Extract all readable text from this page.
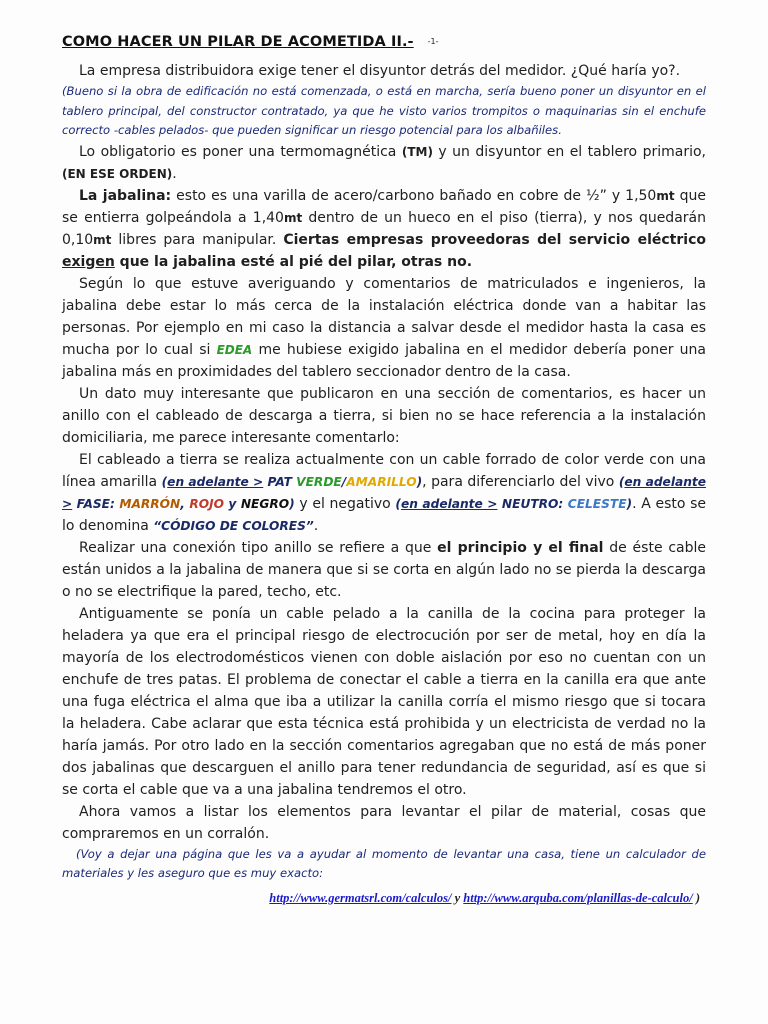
COMO HACER UN PILAR DE ACOMETIDA II.- -1-

La empresa distribuidora exige tener el disyuntor detrás del medidor. ¿Qué haría yo?.

(Bueno si la obra de edificación no está comenzada, o está en marcha, sería bueno poner un disyuntor en el tablero principal, del constructor contratado, ya que he visto varios trompitos o maquinarias sin el enchufe correcto -cables pelados- que pueden significar un riesgo potencial para los albañiles.

Lo obligatorio es poner una termomagnética (TM) y un disyuntor en el tablero primario, (EN ESE ORDEN).

La jabalina: esto es una varilla de acero/carbono bañado en cobre de ½” y 1,50mt que se entierra golpeándola a 1,40mt dentro de un hueco en el piso (tierra), y nos quedarán 0,10mt libres para manipular. Ciertas empresas proveedoras del servicio eléctrico exigen que la jabalina esté al pié del pilar, otras no.

Según lo que estuve averiguando y comentarios de matriculados e ingenieros, la jabalina debe estar lo más cerca de la instalación eléctrica donde van a habitar las personas. Por ejemplo en mi caso la distancia a salvar desde el medidor hasta la casa es mucha por lo cual si EDEA me hubiese exigido jabalina en el medidor debería poner una jabalina más en proximidades del tablero seccionador dentro de la casa.

Un dato muy interesante que publicaron en una sección de comentarios, es hacer un anillo con el cableado de descarga a tierra, si bien no se hace referencia a la instalación domiciliaria, me parece interesante comentarlo:

El cableado a tierra se realiza actualmente con un cable forrado de color verde con una línea amarilla (en adelante > PAT VERDE/AMARILLO), para diferenciarlo del vivo (en adelante > FASE: MARRÓN, ROJO y NEGRO) y el negativo (en adelante > NEUTRO: CELESTE). A esto se lo denomina “CÓDIGO DE COLORES”.

Realizar una conexión tipo anillo se refiere a que el principio y el final de éste cable están unidos a la jabalina de manera que si se corta en algún lado no se pierda la descarga o no se electrifique la pared, techo, etc.

Antiguamente se ponía un cable pelado a la canilla de la cocina para proteger la heladera ya que era el principal riesgo de electrocución por ser de metal, hoy en día la mayoría de los electrodomésticos vienen con doble aislación por eso no cuentan con un enchufe de tres patas. El problema de conectar el cable a tierra en la canilla era que ante una fuga eléctrica el alma que iba a utilizar la canilla corría el mismo riesgo que si tocara la heladera. Cabe aclarar que esta técnica está prohibida y un electricista de verdad no la haría jamás. Por otro lado en la sección comentarios agregaban que no está de más poner dos jabalinas que descarguen el anillo para tener redundancia de seguridad, así es que si se corta el cable que va a una jabalina tendremos el otro.

Ahora vamos a listar los elementos para levantar el pilar de material, cosas que compraremos en un corralón.

(Voy a dejar una página que les va a ayudar al momento de levantar una casa, tiene un calculador de materiales y les aseguro que es muy exacto:

http://www.germatsrl.com/calculos/ y http://www.arquba.com/planillas-de-calculo/ )
